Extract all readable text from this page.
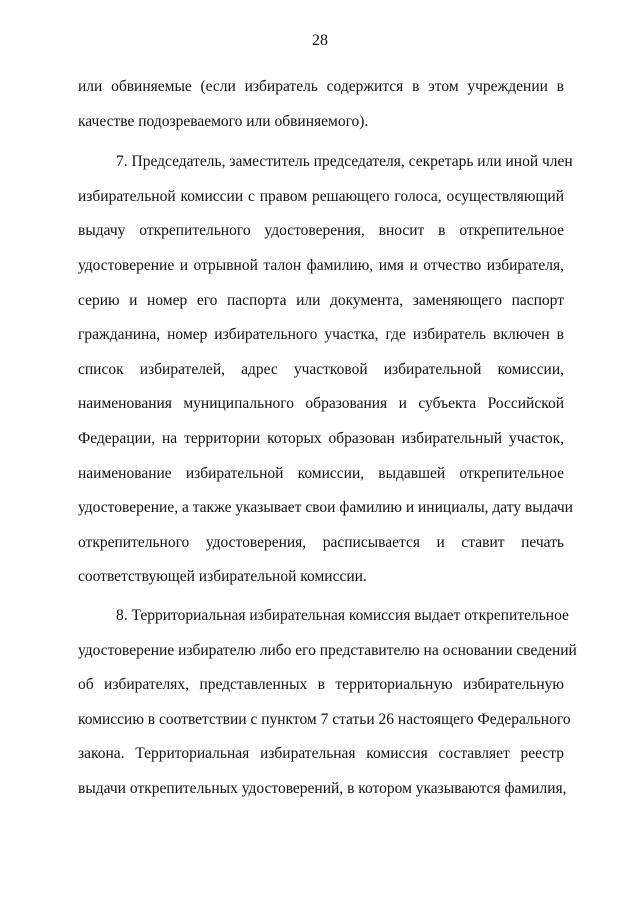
28
или обвиняемые (если избиратель содержится в этом учреждении в
качестве подозреваемого или обвиняемого).
7. Председатель, заместитель председателя, секретарь или иной член
избирательной комиссии с правом решающего голоса, осуществляющий
выдачу открепительного удостоверения, вносит в открепительное
удостоверение и отрывной талон фамилию, имя и отчество избирателя,
серию и номер его паспорта или документа, заменяющего паспорт
гражданина, номер избирательного участка, где избиратель включен в
список избирателей, адрес участковой избирательной комиссии,
наименования муниципального образования и субъекта Российской
Федерации, на территории которых образован избирательный участок,
наименование избирательной комиссии, выдавшей открепительное
удостоверение, а также указывает свои фамилию и инициалы, дату выдачи
открепительного удостоверения, расписывается и ставит печать
соответствующей избирательной комиссии.
8. Территориальная избирательная комиссия выдает открепительное
удостоверение избирателю либо его представителю на основании сведений
об избирателях, представленных в территориальную избирательную
комиссию в соответствии с пунктом 7 статьи 26 настоящего Федерального
закона. Территориальная избирательная комиссия составляет реестр
выдачи открепительных удостоверений, в котором указываются фамилия,
